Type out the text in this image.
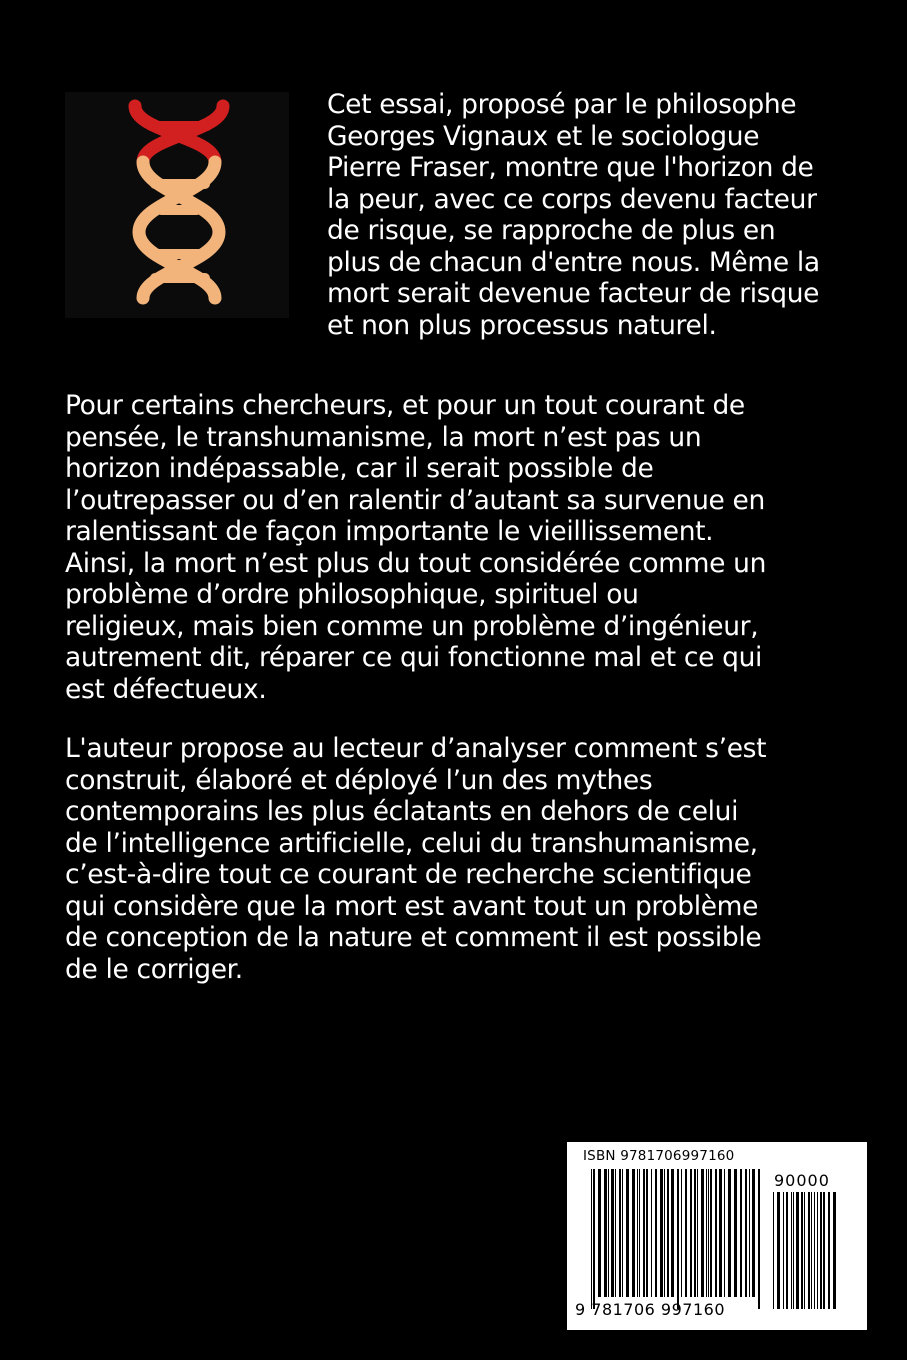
Cet essai, proposé par le philosophe
Georges Vignaux et le sociologue
Pierre Fraser, montre que l'horizon de
la peur, avec ce corps devenu facteur
de risque, se rapproche de plus en
plus de chacun d'entre nous. Même la
mort serait devenue facteur de risque
et non plus processus naturel.

Pour certains chercheurs, et pour un tout courant de
pensée, le transhumanisme, la mort n’est pas un
horizon indépassable, car il serait possible de
l’outrepasser ou d’en ralentir d’autant sa survenue en
ralentissant de façon importante le vieillissement.
Ainsi, la mort n’est plus du tout considérée comme un
problème d’ordre philosophique, spirituel ou
religieux, mais bien comme un problème d’ingénieur,
autrement dit, réparer ce qui fonctionne mal et ce qui
est défectueux.

L'auteur propose au lecteur d’analyser comment s’est
construit, élaboré et déployé l’un des mythes
contemporains les plus éclatants en dehors de celui
de l’intelligence artificielle, celui du transhumanisme,
c’est-à-dire tout ce courant de recherche scientifique
qui considère que la mort est avant tout un problème
de conception de la nature et comment il est possible
de le corriger.

ISBN 9781706997160
90000
9 781706 997160
